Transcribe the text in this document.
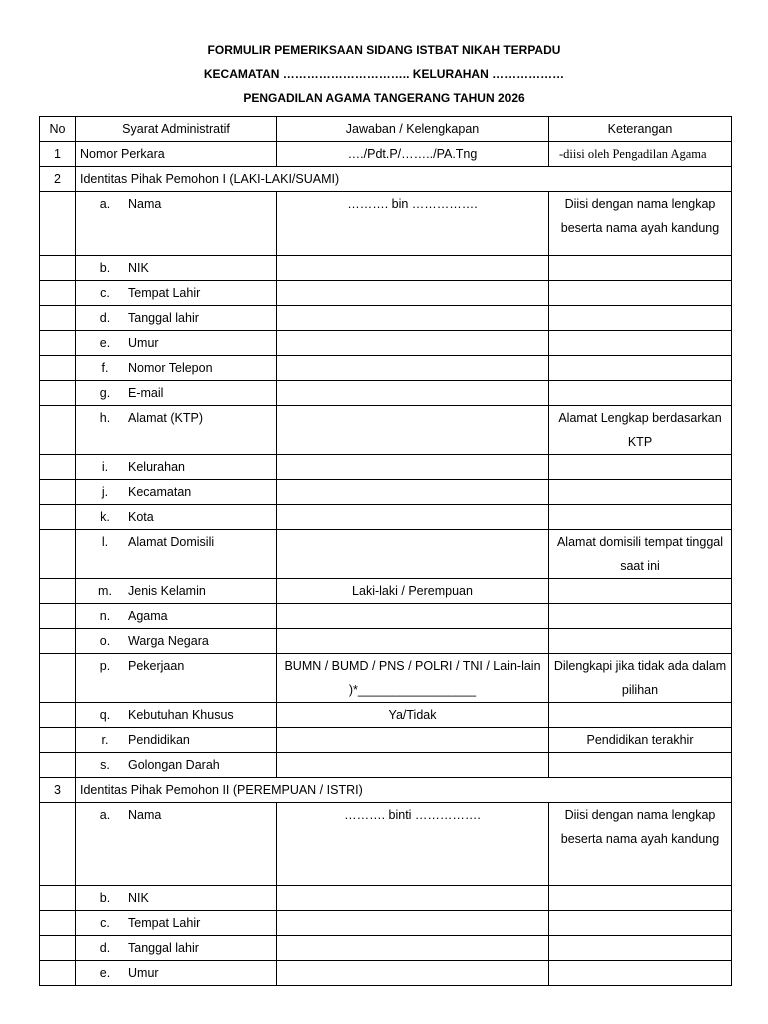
FORMULIR PEMERIKSAAN SIDANG ISTBAT NIKAH TERPADU
KECAMATAN ………………………….. KELURAHAN ………………
PENGADILAN AGAMA TANGERANG TAHUN 2026
No	Syarat Administratif	Jawaban / Kelengkapan	Keterangan
1	Nomor Perkara	…./Pdt.P/……../PA.Tng	-diisi oleh Pengadilan Agama
2	Identitas Pihak Pemohon I (LAKI-LAKI/SUAMI)		
	a. Nama	………. bin …………….	Diisi dengan nama lengkap beserta nama ayah kandung
	b. NIK		
	c. Tempat Lahir		
	d. Tanggal lahir		
	e. Umur		
	f. Nomor Telepon		
	g. E-mail		
	h. Alamat (KTP)		Alamat Lengkap berdasarkan KTP
	i. Kelurahan		
	j. Kecamatan		
	k. Kota		
	l. Alamat Domisili		Alamat domisili tempat tinggal saat ini
	m. Jenis Kelamin	Laki-laki / Perempuan	
	n. Agama		
	o. Warga Negara		
	p. Pekerjaan	BUMN / BUMD / PNS / POLRI / TNI / Lain-lain )*_________________	Dilengkapi jika tidak ada dalam pilihan
	q. Kebutuhan Khusus	Ya/Tidak	
	r. Pendidikan		Pendidikan terakhir
	s. Golongan Darah		
3	Identitas Pihak Pemohon II (PEREMPUAN / ISTRI)		
	a. Nama	………. binti …………….	Diisi dengan nama lengkap beserta nama ayah kandung
	b. NIK		
	c. Tempat Lahir		
	d. Tanggal lahir		
	e. Umur		
